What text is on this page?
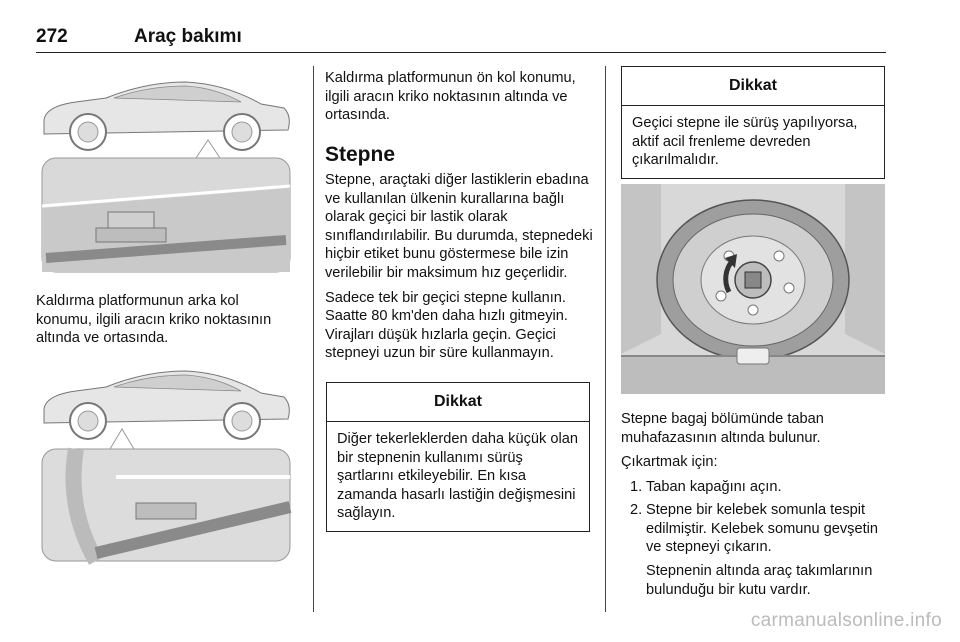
272	Araç bakımı
Kaldırma platformunun arka kol konumu, ilgili aracın kriko noktasının altında ve ortasında.
Kaldırma platformunun ön kol konumu, ilgili aracın kriko noktasının altında ve ortasında.
Stepne

Stepne, araçtaki diğer lastiklerin ebadına ve kullanılan ülkenin kurallarına bağlı olarak geçici bir lastik olarak sınıflandırılabilir. Bu durumda, stepnedeki hiçbir etiket bunu göstermese bile izin verilebilir bir maksimum hız geçerlidir.

Sadece tek bir geçici stepne kullanın. Saatte 80 km'den daha hızlı gitmeyin. Virajları düşük hızlarla geçin. Geçici stepneyi uzun bir süre kullanmayın.

Dikkat
Diğer tekerleklerden daha küçük olan bir stepnenin kullanımı sürüş şartlarını etkileyebilir. En kısa zamanda hasarlı lastiğin değişmesini sağlayın.
Dikkat
Geçici stepne ile sürüş yapılıyorsa, aktif acil frenleme devreden çıkarılmalıdır.
Stepne bagaj bölümünde taban muhafazasının altında bulunur.

Çıkartmak için:

1. Taban kapağını açın.
2. Stepne bir kelebek somunla tespit edilmiştir. Kelebek somunu gevşetin ve stepneyi çıkarın.
Stepnenin altında araç takımlarının bulunduğu bir kutu vardır.
carmanualsonline.info
